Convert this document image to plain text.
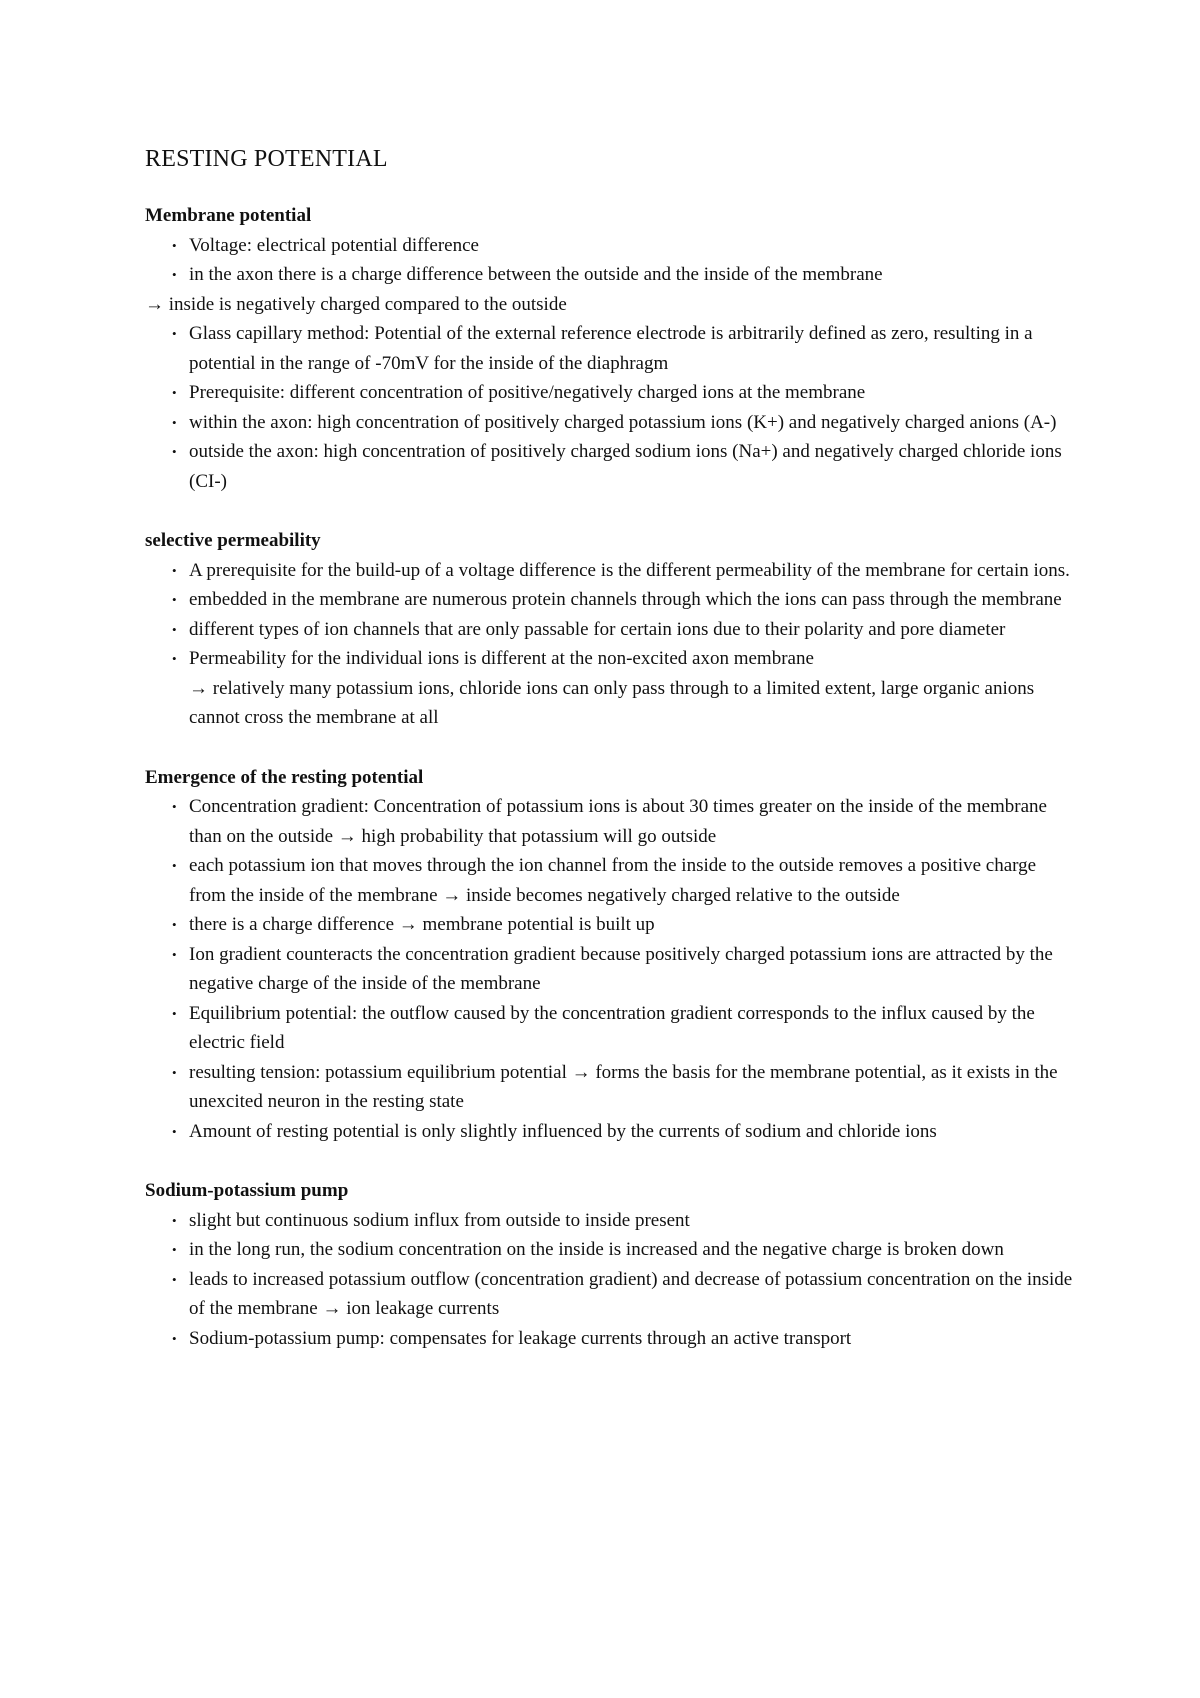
RESTING POTENTIAL

Membrane potential

• Voltage: electrical potential difference
• in the axon there is a charge difference between the outside and the inside of the membrane
→ inside is negatively charged compared to the outside
• Glass capillary method: Potential of the external reference electrode is arbitrarily defined as zero, resulting in a potential in the range of -70mV for the inside of the diaphragm
• Prerequisite: different concentration of positive/negatively charged ions at the membrane
• within the axon: high concentration of positively charged potassium ions (K+) and negatively charged anions (A-)
• outside the axon: high concentration of positively charged sodium ions (Na+) and negatively charged chloride ions (CI-)

selective permeability

• A prerequisite for the build-up of a voltage difference is the different permeability of the membrane for certain ions.
• embedded in the membrane are numerous protein channels through which the ions can pass through the membrane
• different types of ion channels that are only passable for certain ions due to their polarity and pore diameter
• Permeability for the individual ions is different at the non-excited axon membrane
→ relatively many potassium ions, chloride ions can only pass through to a limited extent, large organic anions cannot cross the membrane at all

Emergence of the resting potential

• Concentration gradient: Concentration of potassium ions is about 30 times greater on the inside of the membrane than on the outside → high probability that potassium will go outside
• each potassium ion that moves through the ion channel from the inside to the outside removes a positive charge from the inside of the membrane → inside becomes negatively charged relative to the outside
• there is a charge difference → membrane potential is built up
• Ion gradient counteracts the concentration gradient because positively charged potassium ions are attracted by the negative charge of the inside of the membrane
• Equilibrium potential: the outflow caused by the concentration gradient corresponds to the influx caused by the electric field
• resulting tension: potassium equilibrium potential → forms the basis for the membrane potential, as it exists in the unexcited neuron in the resting state
• Amount of resting potential is only slightly influenced by the currents of sodium and chloride ions

Sodium-potassium pump

• slight but continuous sodium influx from outside to inside present
• in the long run, the sodium concentration on the inside is increased and the negative charge is broken down
• leads to increased potassium outflow (concentration gradient) and decrease of potassium concentration on the inside of the membrane → ion leakage currents
• Sodium-potassium pump: compensates for leakage currents through an active transport
